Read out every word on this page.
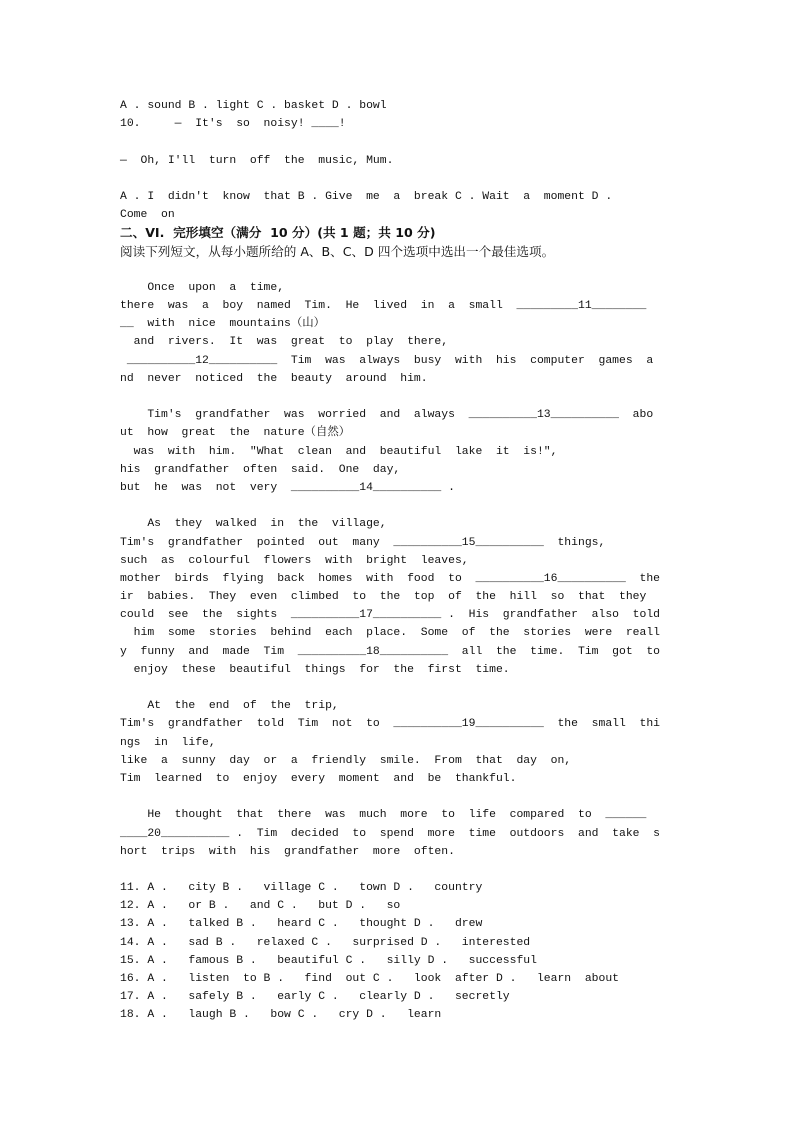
A . sound B . light C . basket D . bowl
10.     —  It's  so  noisy! ____!
—  Oh, I'll  turn  off  the  music, Mum.
A . I  didn't  know  that B . Give  me  a  break C . Wait  a  moment D .
Come  on
二、VI.  完形填空（满分  10 分）(共 1 题；共 10 分)
阅读下列短文，从每小题所给的 A、B、C、D 四个选项中选出一个最佳选项。
Once  upon  a  time,
there  was  a  boy  named  Tim.  He  lived  in  a  small  _________11________
__  with  nice  mountains（山）
and  rivers.  It  was  great  to  play  there,
__________12__________  Tim  was  always  busy  with  his  computer  games  a
nd  never  noticed  the  beauty  around  him.
Tim's  grandfather  was  worried  and  always  __________13__________  abo
ut  how  great  the  nature（自然）
was  with  him.  "What  clean  and  beautiful  lake  it  is!",
his  grandfather  often  said.  One  day,
but  he  was  not  very  __________14__________ .
As  they  walked  in  the  village,
Tim's  grandfather  pointed  out  many  __________15__________  things,
such  as  colourful  flowers  with  bright  leaves,
mother  birds  flying  back  homes  with  food  to  __________16__________  the
ir  babies.  They  even  climbed  to  the  top  of  the  hill  so  that  they
could  see  the  sights  __________17__________ .  His  grandfather  also  told
him  some  stories  behind  each  place.  Some  of  the  stories  were  reall
y  funny  and  made  Tim  __________18__________  all  the  time.  Tim  got  to
enjoy  these  beautiful  things  for  the  first  time.
At  the  end  of  the  trip,
Tim's  grandfather  told  Tim  not  to  __________19__________  the  small  thi
ngs  in  life,
like  a  sunny  day  or  a  friendly  smile.  From  that  day  on,
Tim  learned  to  enjoy  every  moment  and  be  thankful.
He  thought  that  there  was  much  more  to  life  compared  to  ______
____20__________ .  Tim  decided  to  spend  more  time  outdoors  and  take  s
hort  trips  with  his  grandfather  more  often.
11. A .   city B .   village C .   town D .   country
12. A .   or B .   and C .   but D .   so
13. A .   talked B .   heard C .   thought D .   drew
14. A .   sad B .   relaxed C .   surprised D .   interested
15. A .   famous B .   beautiful C .   silly D .   successful
16. A .   listen  to B .   find  out C .   look  after D .   learn  about
17. A .   safely B .   early C .   clearly D .   secretly
18. A .   laugh B .   bow C .   cry D .   learn
